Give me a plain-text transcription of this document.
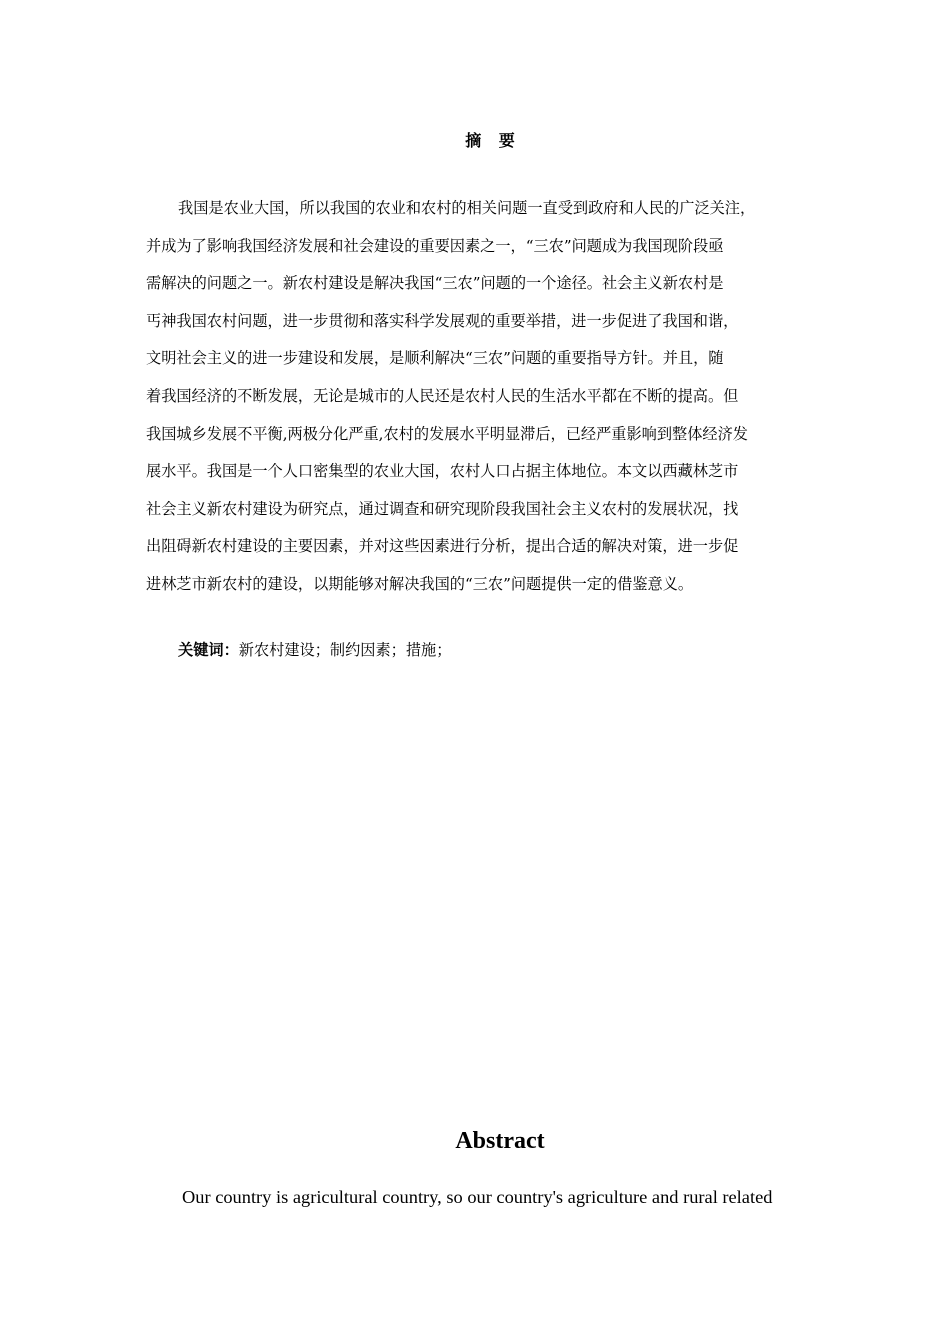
摘 要

我国是农业大国，所以我国的农业和农村的相关问题一直受到政府和人民的广泛关注，

并成为了影响我国经济发展和社会建设的重要因素之一，“三农”问题成为我国现阶段亟

需解决的问题之一。新农村建设是解决我国“三农”问题的一个途径。社会主义新农村是

丐神我国农村问题，进一步贯彻和落实科学发展观的重要举措，进一步促进了我国和谐，

文明社会主义的进一步建设和发展，是顺利解决“三农”问题的重要指导方针。并且，随

着我国经济的不断发展，无论是城市的人民还是农村人民的生活水平都在不断的提高。但

我国城乡发展不平衡,两极分化严重,农村的发展水平明显滞后，已经严重影响到整体经济发

展水平。我国是一个人口密集型的农业大国，农村人口占据主体地位。本文以西藏林芝市

社会主义新农村建设为研究点，通过调查和研究现阶段我国社会主义农村的发展状况，找

出阻碍新农村建设的主要因素，并对这些因素进行分析，提出合适的解决对策，进一步促

进林芝市新农村的建设，以期能够对解决我国的“三农”问题提供一定的借鉴意义。

关键词：新农村建设；制约因素；措施；
Abstract

Our country is agricultural country, so our country's agriculture and rural related
